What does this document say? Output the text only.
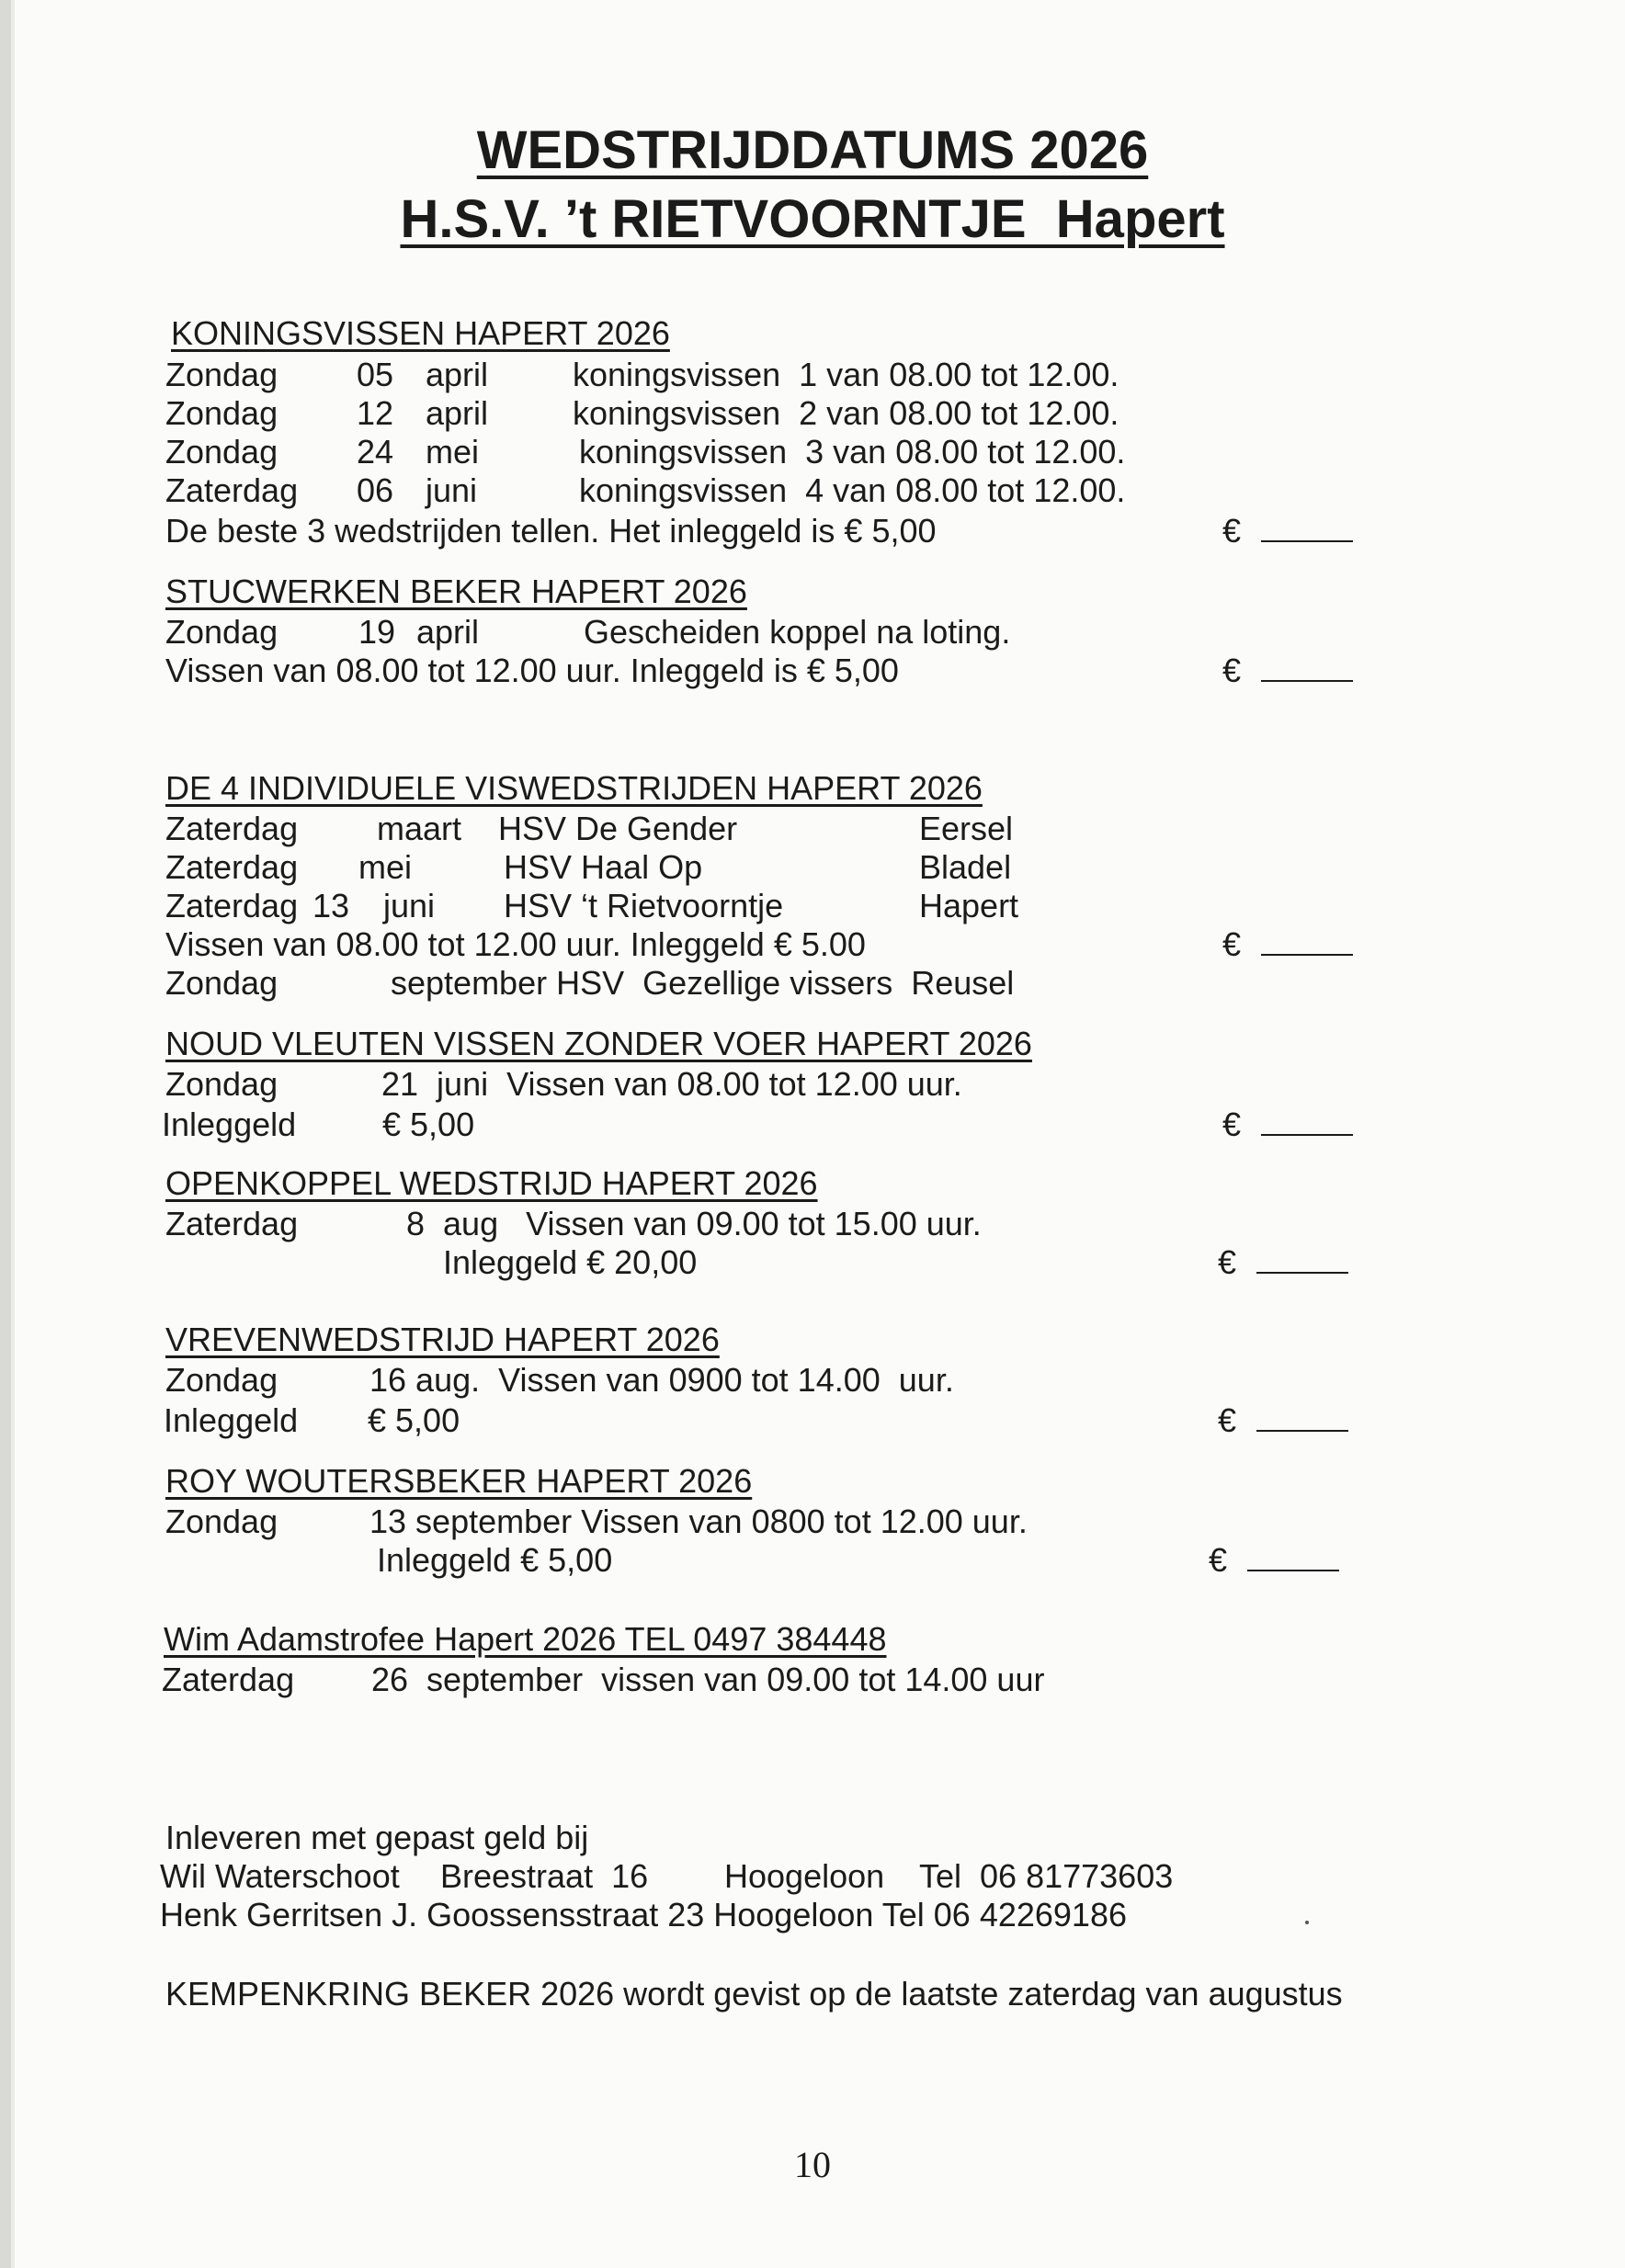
WEDSTRIJDDATUMS 2026
H.S.V. ’t RIETVOORNTJE  Hapert
KONINGSVISSEN HAPERT 2026
Zondag 05 april	koningsvissen  1 van 08.00 tot 12.00.
Zondag 12 april	koningsvissen  2 van 08.00 tot 12.00.
Zondag 24 mei	koningsvissen  3 van 08.00 tot 12.00.
Zaterdag 06 juni	koningsvissen  4 van 08.00 tot 12.00.
De beste 3 wedstrijden tellen. Het inleggeld is € 5,00	€
STUCWERKEN BEKER HAPERT 2026
Zondag 19 april	Gescheiden koppel na loting.
Vissen van 08.00 tot 12.00 uur. Inleggeld is € 5,00	€
DE 4 INDIVIDUELE VISWEDSTRIJDEN HAPERT 2026
Zaterdag maart HSV De Gender	Eersel
Zaterdag mei	HSV Haal Op	Bladel
Zaterdag 13 juni HSV ‘t Rietvoorntje	Hapert
Vissen van 08.00 tot 12.00 uur. Inleggeld € 5.00	€
Zondag	september HSV  Gezellige vissers  Reusel
NOUD VLEUTEN VISSEN ZONDER VOER HAPERT 2026
Zondag	21  juni  Vissen van 08.00 tot 12.00 uur.
Inleggeld	€ 5,00	€
OPENKOPPEL WEDSTRIJD HAPERT 2026
Zaterdag	8  aug   Vissen van 09.00 tot 15.00 uur.
Inleggeld € 20,00	€
VREVENWEDSTRIJD HAPERT 2026
Zondag	16 aug.  Vissen van 0900 tot 14.00  uur.
Inleggeld € 5,00	€
ROY WOUTERSBEKER HAPERT 2026
Zondag	13 september Vissen van 0800 tot 12.00 uur.
Inleggeld € 5,00	€
Wim Adamstrofee Hapert 2026 TEL 0497 384448
Zaterdag 26  september  vissen van 09.00 tot 14.00 uur
Inleveren met gepast geld bij
Wil Waterschoot Breestraat  16 Hoogeloon Tel  06 81773603
Henk Gerritsen J. Goossensstraat 23 Hoogeloon Tel 06 42269186
KEMPENKRING BEKER 2026 wordt gevist op de laatste zaterdag van augustus
10
